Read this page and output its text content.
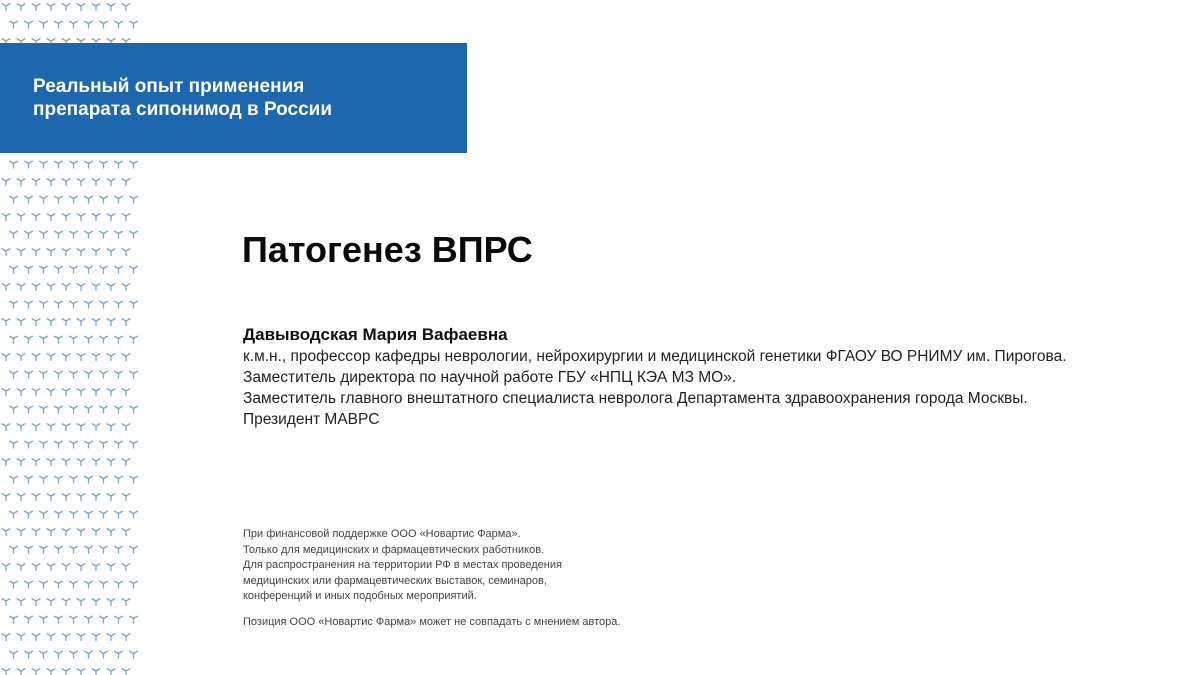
Реальный опыт применения
препарата сипонимод в России
Патогенез ВПРС
Давыводская Мария Вафаевна
к.м.н., профессор кафедры неврологии, нейрохирургии и медицинской генетики ФГАОУ ВО РНИМУ им. Пирогова.
Заместитель директора по научной работе ГБУ «НПЦ КЭА МЗ МО».
Заместитель главного внештатного специалиста невролога Департамента здравоохранения города Москвы.
Президент МАВРС
При финансовой поддержке ООО «Новартис Фарма».
Только для медицинских и фармацевтических работников.
Для распространения на территории РФ в местах проведения
медицинских или фармацевтических выставок, семинаров,
конференций и иных подобных мероприятий.
Позиция ООО «Новартис Фарма» может не совпадать с мнением автора.
